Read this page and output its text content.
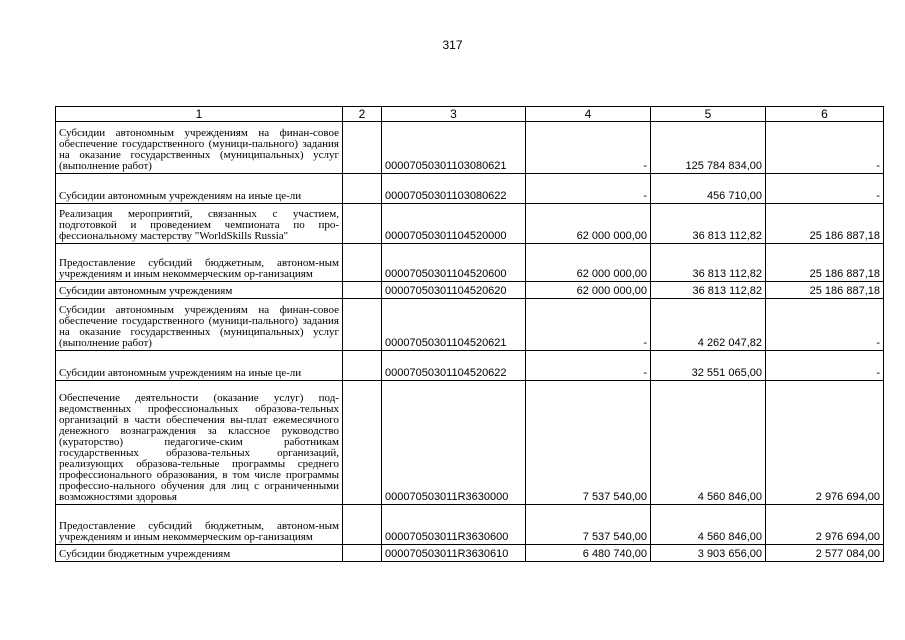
317
1	2	3	4	5	6
Субсидии автономным учреждениям на финан-совое обеспечение государственного (муници-пального) задания на оказание государственных (муниципальных) услуг (выполнение работ)		00007050301103080621	-	125 784 834,00	-
Субсидии автономным учреждениям на иные це-ли		00007050301103080622	-	456 710,00	-
Реализация мероприятий, связанных с участием, подготовкой и проведением чемпионата по про-фессиональному мастерству "WorldSkills Russia"		00007050301104520000	62 000 000,00	36 813 112,82	25 186 887,18
Предоставление субсидий бюджетным, автоном-ным учреждениям и иным некоммерческим ор-ганизациям		00007050301104520600	62 000 000,00	36 813 112,82	25 186 887,18
Субсидии автономным учреждениям		00007050301104520620	62 000 000,00	36 813 112,82	25 186 887,18
Субсидии автономным учреждениям на финан-совое обеспечение государственного (муници-пального) задания на оказание государственных (муниципальных) услуг (выполнение работ)		00007050301104520621	-	4 262 047,82	-
Субсидии автономным учреждениям на иные це-ли		00007050301104520622	-	32 551 065,00	-
Обеспечение деятельности (оказание услуг) под-ведомственных профессиональных образова-тельных организаций в части обеспечения вы-плат ежемесячного денежного вознаграждения за классное руководство (кураторство) педагогиче-ским работникам государственных образова-тельных организаций, реализующих образова-тельные программы среднего профессионального образования, в том числе программы профессио-нального обучения для лиц с ограниченными возможностями здоровья		000070503011R3630000	7 537 540,00	4 560 846,00	2 976 694,00
Предоставление субсидий бюджетным, автоном-ным учреждениям и иным некоммерческим ор-ганизациям		000070503011R3630600	7 537 540,00	4 560 846,00	2 976 694,00
Субсидии бюджетным учреждениям		000070503011R3630610	6 480 740,00	3 903 656,00	2 577 084,00
